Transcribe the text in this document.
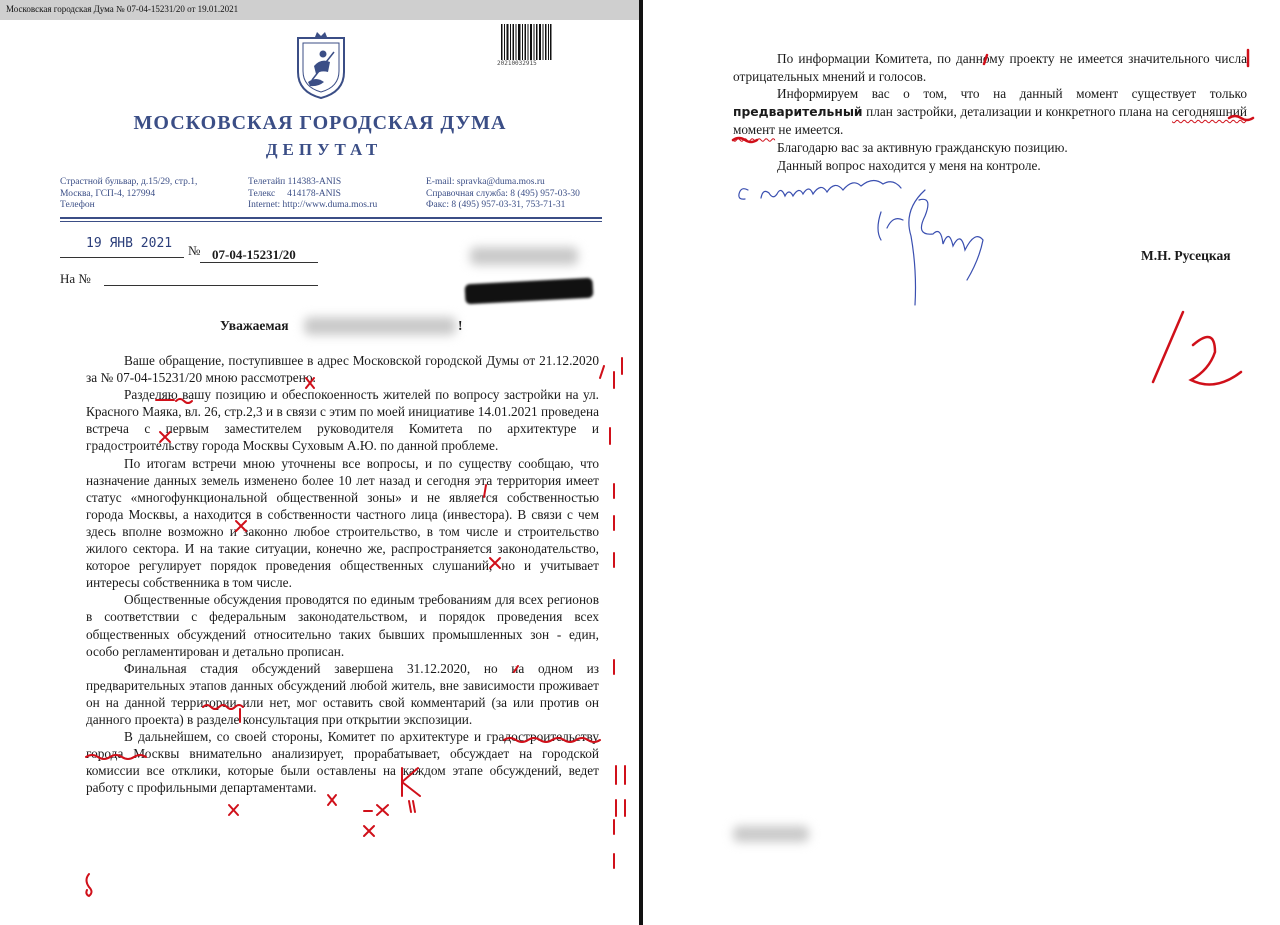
Московская городская Дума № 07-04-15231/20 от 19.01.2021
20210032915
МОСКОВСКАЯ ГОРОДСКАЯ ДУМА
ДЕПУТАТ
Страстной бульвар, д.15/29, стр.1,
Москва, ГСП-4, 127994
Телефон
Телетайп 114383-ANIS
Телекс     414178-ANIS
Internet: http://www.duma.mos.ru
E-mail: spravka@duma.mos.ru
Справочная служба: 8 (495) 957-03-30
Факс: 8 (495) 957-03-31, 753-71-31
19 ЯНВ 2021 № 07-04-15231/20
На №
Уважаемая	!

Ваше обращение, поступившее в адрес Московской городской Думы от 21.12.2020 за № 07-04-15231/20 мною рассмотрено.

Разделяю вашу позицию и обеспокоенность жителей по вопросу застройки на ул. Красного Маяка, вл. 26, стр.2,3 и в связи с этим по моей инициативе 14.01.2021 проведена встреча с первым заместителем руководителя Комитета по архитектуре и градостроительству города Москвы Суховым А.Ю. по данной проблеме.

По итогам встречи мною уточнены все вопросы, и по существу сообщаю, что назначение данных земель изменено более 10 лет назад и сегодня эта территория имеет статус «многофункциональной общественной зоны» и не является собственностью города Москвы, а находится в собственности частного лица (инвестора). В связи с чем здесь вполне возможно и законно любое строительство, в том числе и строительство жилого сектора. И на такие ситуации, конечно же, распространяется законодательство, которое регулирует порядок проведения общественных слушаний, но и учитывает интересы собственника в том числе.

Общественные обсуждения проводятся по единым требованиям для всех регионов в соответствии с федеральным законодательством, и порядок проведения всех общественных обсуждений относительно таких бывших промышленных зон - един, особо регламентирован и детально прописан.

Финальная стадия обсуждений завершена 31.12.2020, но на одном из предварительных этапов данных обсуждений любой житель, вне зависимости проживает он на данной территории или нет, мог оставить свой комментарий (за или против он данного проекта) в разделе консультация при открытии экспозиции.

В дальнейшем, со своей стороны, Комитет по архитектуре и градостроительству города Москвы внимательно анализирует, прорабатывает, обсуждает на городской комиссии все отклики, которые были оставлены на каждом этапе обсуждений, ведет работу с профильными департаментами.

По информации Комитета, по данному проекту не имеется значительного числа отрицательных мнений и голосов.

Информируем вас о том, что на данный момент существует только предварительный план застройки, детализации и конкретного плана на сегодняшний момент не имеется.

Благодарю вас за активную гражданскую позицию.

Данный вопрос находится у меня на контроле.

М.Н. Русецкая
